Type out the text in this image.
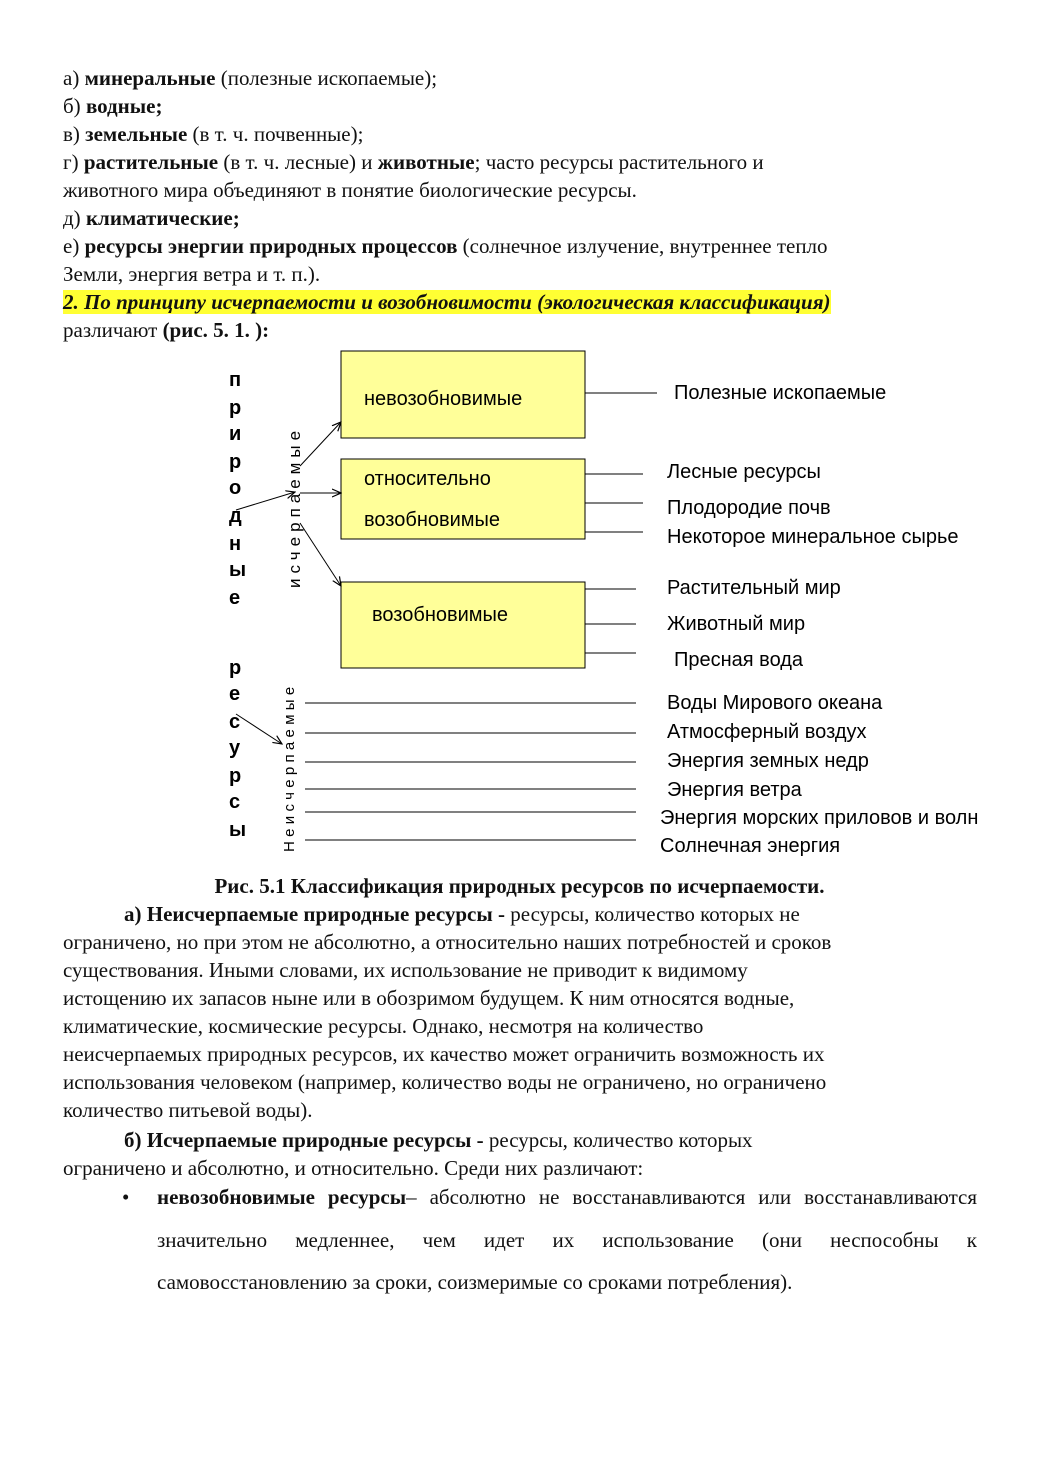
а) минеральные (полезные ископаемые);
б) водные;
в) земельные (в т. ч. почвенные);
г) растительные (в т. ч. лесные) и животные; часто ресурсы растительного и
животного мира объединяют в понятие биологические ресурсы.
д) климатические;
е) ресурсы энергии природных процессов (солнечное излучение, внутреннее тепло
Земли, энергия ветра и т. п.).
2. По принципу исчерпаемости и возобновимости (экологическая классификация)
различают (рис. 5. 1. ):
п
р
и
р
о
д
н
ы
е
р
е
с
у
р
с
ы
исчерпаемые
Неисчерпаемые
невозобновимые
относительно
возобновимые
возобновимые
Полезные ископаемые
Лесные ресурсы
Плодородие почв
Некоторое минеральное сырье
Растительный мир
Животный мир
Пресная вода
Воды Мирового океана
Атмосферный воздух
Энергия земных недр
Энергия ветра
Энергия морских приловов и волн
Солнечная энергия
Рис. 5.1 Классификация природных ресурсов по исчерпаемости.
а) Неисчерпаемые природные ресурсы - ресурсы, количество которых не
ограничено, но при этом не абсолютно, а относительно наших потребностей и сроков
существования. Иными словами, их использование не приводит к видимому
истощению их запасов ныне или в обозримом будущем. К ним относятся водные,
климатические, космические ресурсы. Однако, несмотря на количество
неисчерпаемых природных ресурсов, их качество может ограничить возможность их
использования человеком (например, количество воды не ограничено, но ограничено
количество питьевой воды).
б) Исчерпаемые природные ресурсы - ресурсы, количество которых
ограничено и абсолютно, и относительно. Среди них различают:
• невозобновимые ресурсы– абсолютно не восстанавливаются или восстанавливаются значительно медленнее, чем идет их использование (они неспособны к самовосстановлению за сроки, соизмеримые со сроками потребления).
